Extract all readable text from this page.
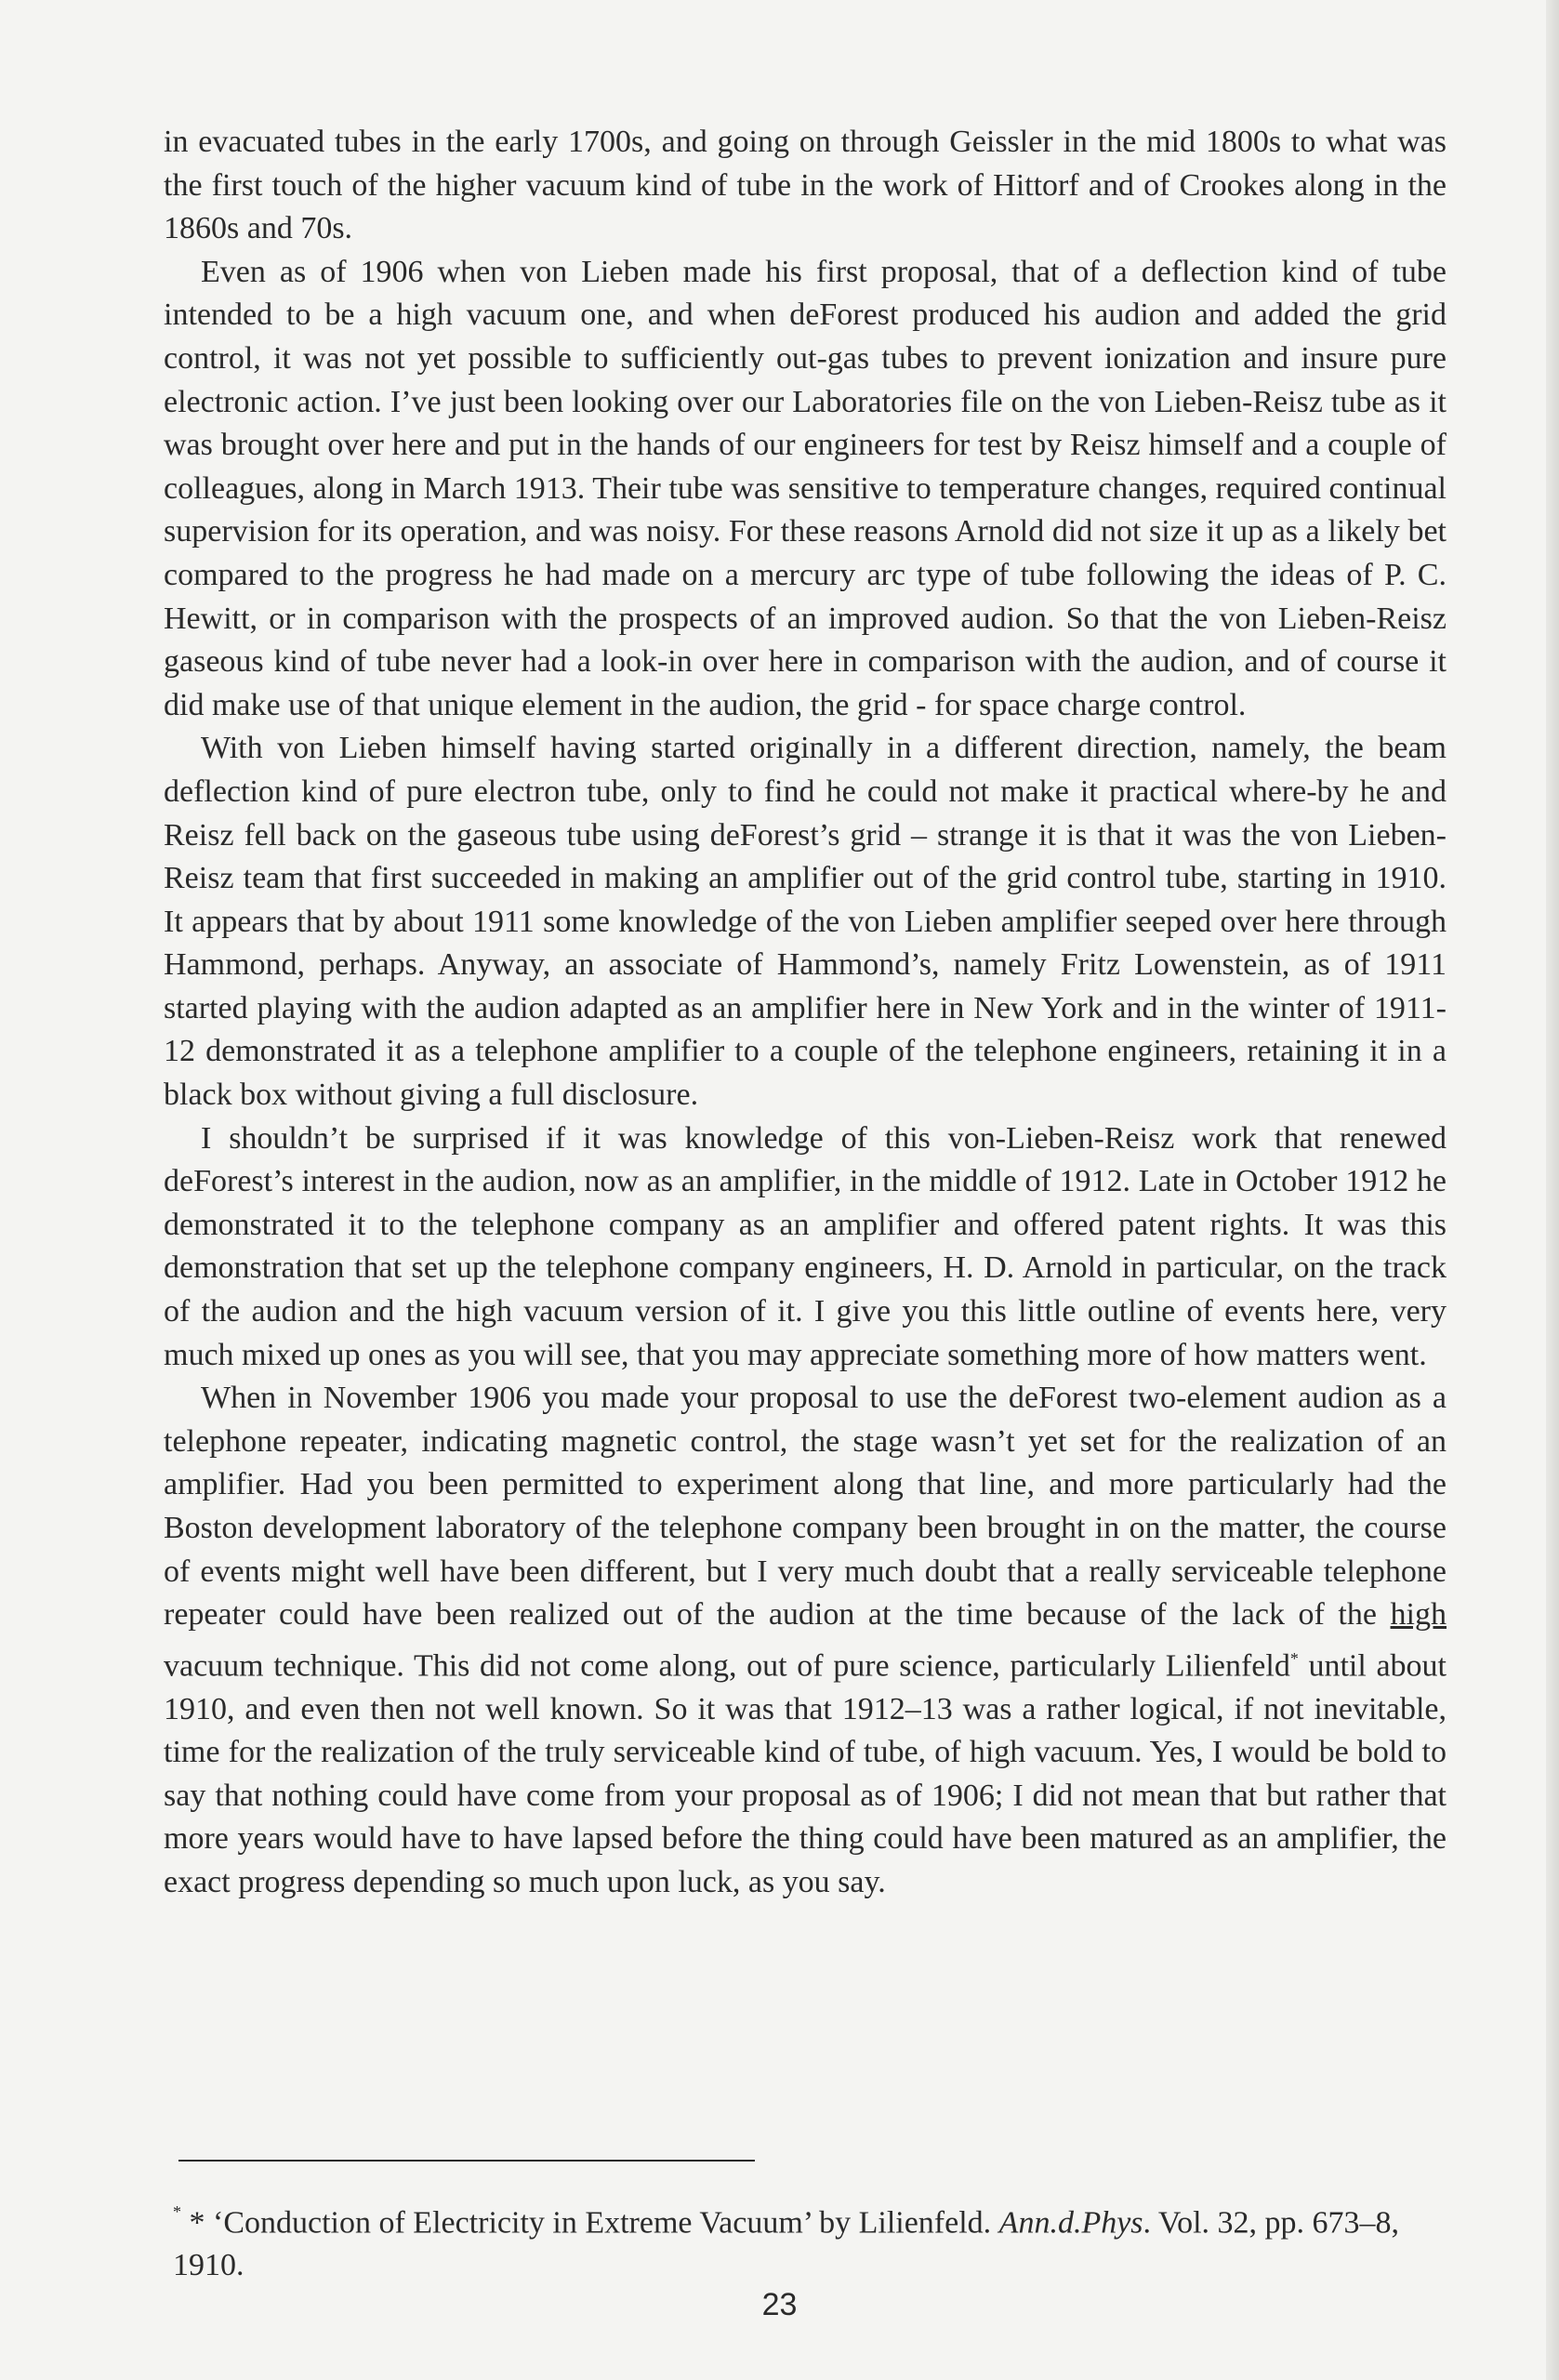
in evacuated tubes in the early 1700s, and going on through Geissler in the mid 1800s to what was the first touch of the higher vacuum kind of tube in the work of Hittorf and of Crookes along in the 1860s and 70s.

Even as of 1906 when von Lieben made his first proposal, that of a deflection kind of tube intended to be a high vacuum one, and when deForest produced his audion and added the grid control, it was not yet possible to sufficiently out-gas tubes to prevent ionization and insure pure electronic action. I’ve just been looking over our Laboratories file on the von Lieben-Reisz tube as it was brought over here and put in the hands of our engineers for test by Reisz himself and a couple of colleagues, along in March 1913. Their tube was sensitive to temperature changes, required continual supervision for its operation, and was noisy. For these reasons Arnold did not size it up as a likely bet compared to the progress he had made on a mercury arc type of tube following the ideas of P. C. Hewitt, or in comparison with the prospects of an improved audion. So that the von Lieben-Reisz gaseous kind of tube never had a look-in over here in comparison with the audion, and of course it did make use of that unique element in the audion, the grid - for space charge control.

With von Lieben himself having started originally in a different direction, namely, the beam deflection kind of pure electron tube, only to find he could not make it practical where-by he and Reisz fell back on the gaseous tube using deForest’s grid – strange it is that it was the von Lieben-Reisz team that first succeeded in making an amplifier out of the grid control tube, starting in 1910. It appears that by about 1911 some knowledge of the von Lieben amplifier seeped over here through Hammond, perhaps. Anyway, an associate of Hammond’s, namely Fritz Lowenstein, as of 1911 started playing with the audion adapted as an amplifier here in New York and in the winter of 1911-12 demonstrated it as a telephone amplifier to a couple of the telephone engineers, retaining it in a black box without giving a full disclosure.

I shouldn’t be surprised if it was knowledge of this von-Lieben-Reisz work that renewed deForest’s interest in the audion, now as an amplifier, in the middle of 1912. Late in October 1912 he demonstrated it to the telephone company as an amplifier and offered patent rights. It was this demonstration that set up the telephone company engineers, H. D. Arnold in particular, on the track of the audion and the high vacuum version of it. I give you this little outline of events here, very much mixed up ones as you will see, that you may appreciate something more of how matters went.

When in November 1906 you made your proposal to use the deForest two-element audion as a telephone repeater, indicating magnetic control, the stage wasn’t yet set for the realization of an amplifier. Had you been permitted to experiment along that line, and more particularly had the Boston development laboratory of the telephone company been brought in on the matter, the course of events might well have been different, but I very much doubt that a really serviceable telephone repeater could have been realized out of the audion at the time because of the lack of the high vacuum technique. This did not come along, out of pure science, particularly Lilienfeld* until about 1910, and even then not well known. So it was that 1912–13 was a rather logical, if not inevitable, time for the realization of the truly serviceable kind of tube, of high vacuum. Yes, I would be bold to say that nothing could have come from your proposal as of 1906; I did not mean that but rather that more years would have to have lapsed before the thing could have been matured as an amplifier, the exact progress depending so much upon luck, as you say.

* * ‘Conduction of Electricity in Extreme Vacuum’ by Lilienfeld. Ann.d.Phys. Vol. 32, pp. 673–8, 1910.
23
